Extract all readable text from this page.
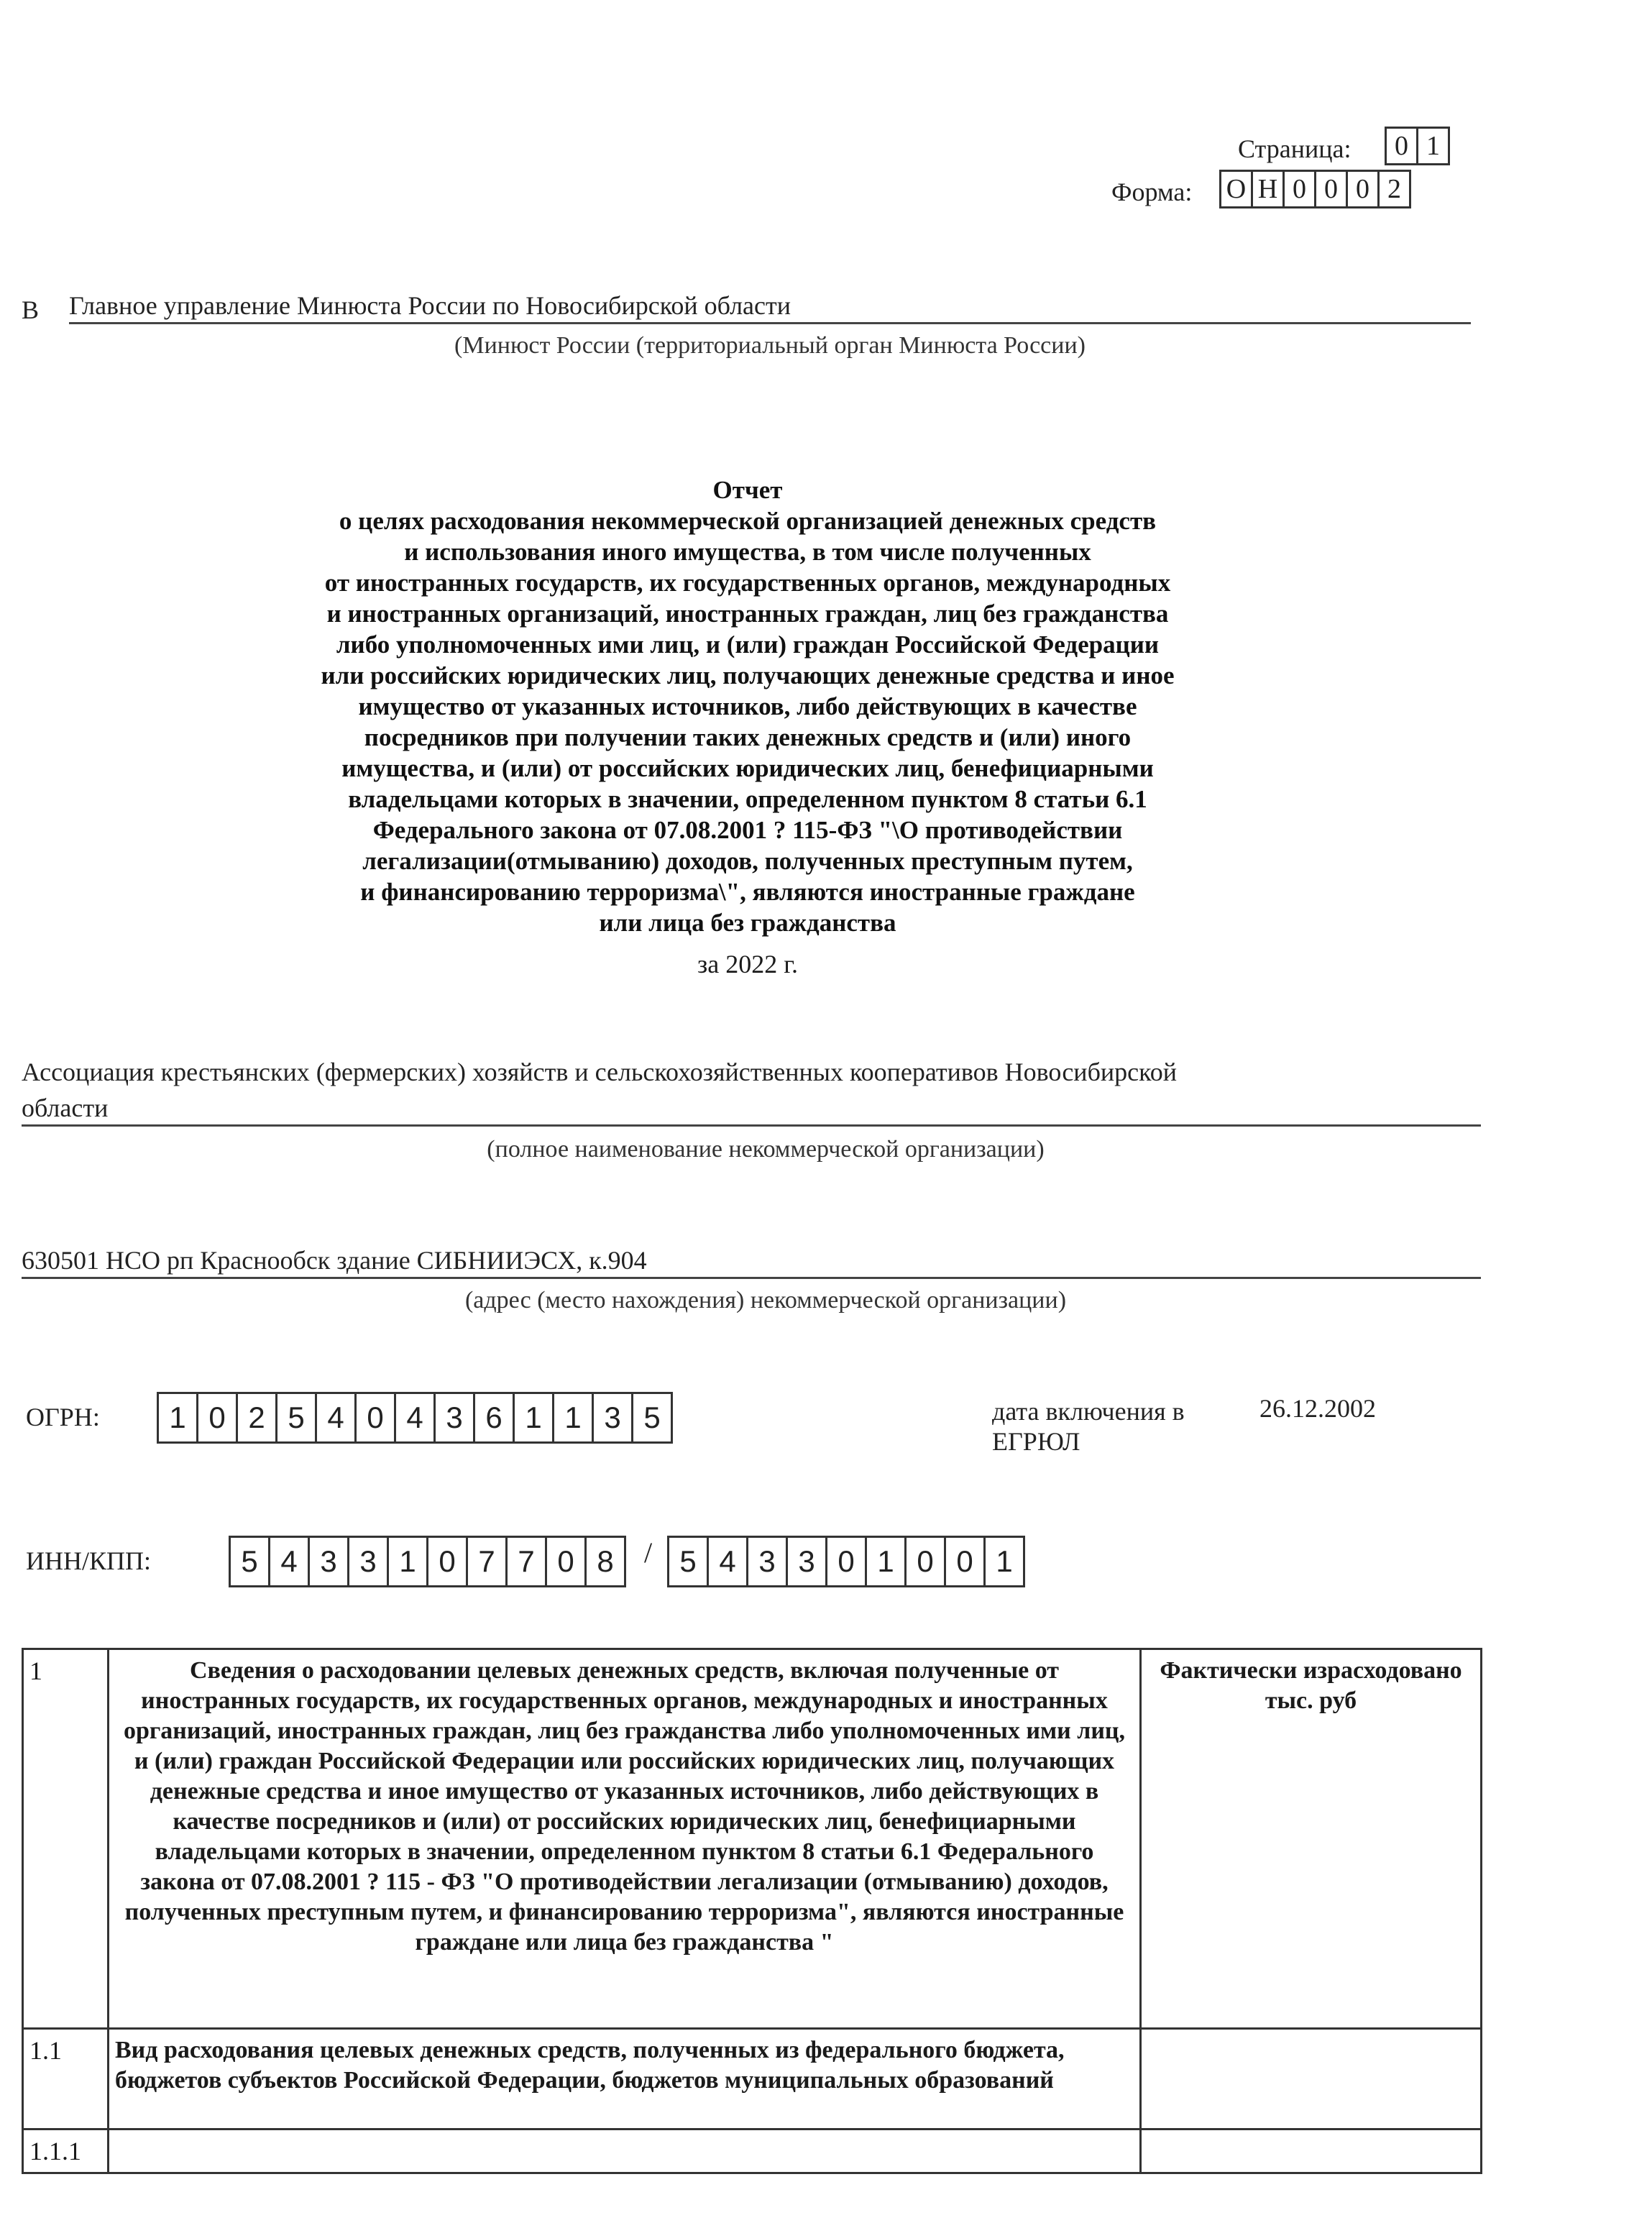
Страница: 0 1
Форма: О Н 0 0 0 2
В Главное управление Минюста России по Новосибирской области
(Минюст России (территориальный орган Минюста России)
Отчет
о целях расходования некоммерческой организацией денежных средств
и использования иного имущества, в том числе полученных
от иностранных государств, их государственных органов, международных
и иностранных организаций, иностранных граждан, лиц без гражданства
либо уполномоченных ими лиц, и (или) граждан Российской Федерации
или российских юридических лиц, получающих денежные средства и иное
имущество от указанных источников, либо действующих в качестве
посредников при получении таких денежных средств и (или) иного
имущества, и (или) от российских юридических лиц, бенефициарными
владельцами которых в значении, определенном пунктом 8 статьи 6.1
Федерального закона от 07.08.2001 ? 115-ФЗ "\О противодействии
легализации(отмыванию) доходов, полученных преступным путем,
и финансированию терроризма\", являются иностранные граждане
или лица без гражданства
за 2022 г.
Ассоциация крестьянских (фермерских) хозяйств и сельскохозяйственных кооперативов Новосибирской
области
(полное наименование некоммерческой организации)
630501 НСО рп Краснообск здание СИБНИИЭСХ, к.904
(адрес (место нахождения) некоммерческой организации)
ОГРН:	1 0 2 5 4 0 4 3 6 1 1 3 5	дата включения в
ЕГРЮЛ
26.12.2002
ИНН/КПП:	5 4 3 3 1 0 7 7 0 8	/ 5 4 3 3 0 1 0 0 1
1	Сведения о расходовании целевых денежных средств, включая полученные от иностранных государств, их государственных органов, международных и иностранных организаций, иностранных граждан, лиц без гражданства либо уполномоченных ими лиц, и (или) граждан Российской Федерации или российских юридических лиц, получающих денежные средства и иное имущество от указанных источников, либо действующих в качестве посредников и (или) от российских юридических лиц, бенефициарными владельцами которых в значении, определенном пунктом 8 статьи 6.1 Федерального закона от 07.08.2001 ? 115 - ФЗ "О противодействии легализации (отмыванию) доходов, полученных преступным путем, и финансированию терроризма", являются иностранные граждане или лица без гражданства "	Фактически израсходовано тыс. руб
1.1	Вид расходования целевых денежных средств, полученных из федерального бюджета, бюджетов субъектов Российской Федерации, бюджетов муниципальных образований	
1.1.1		
